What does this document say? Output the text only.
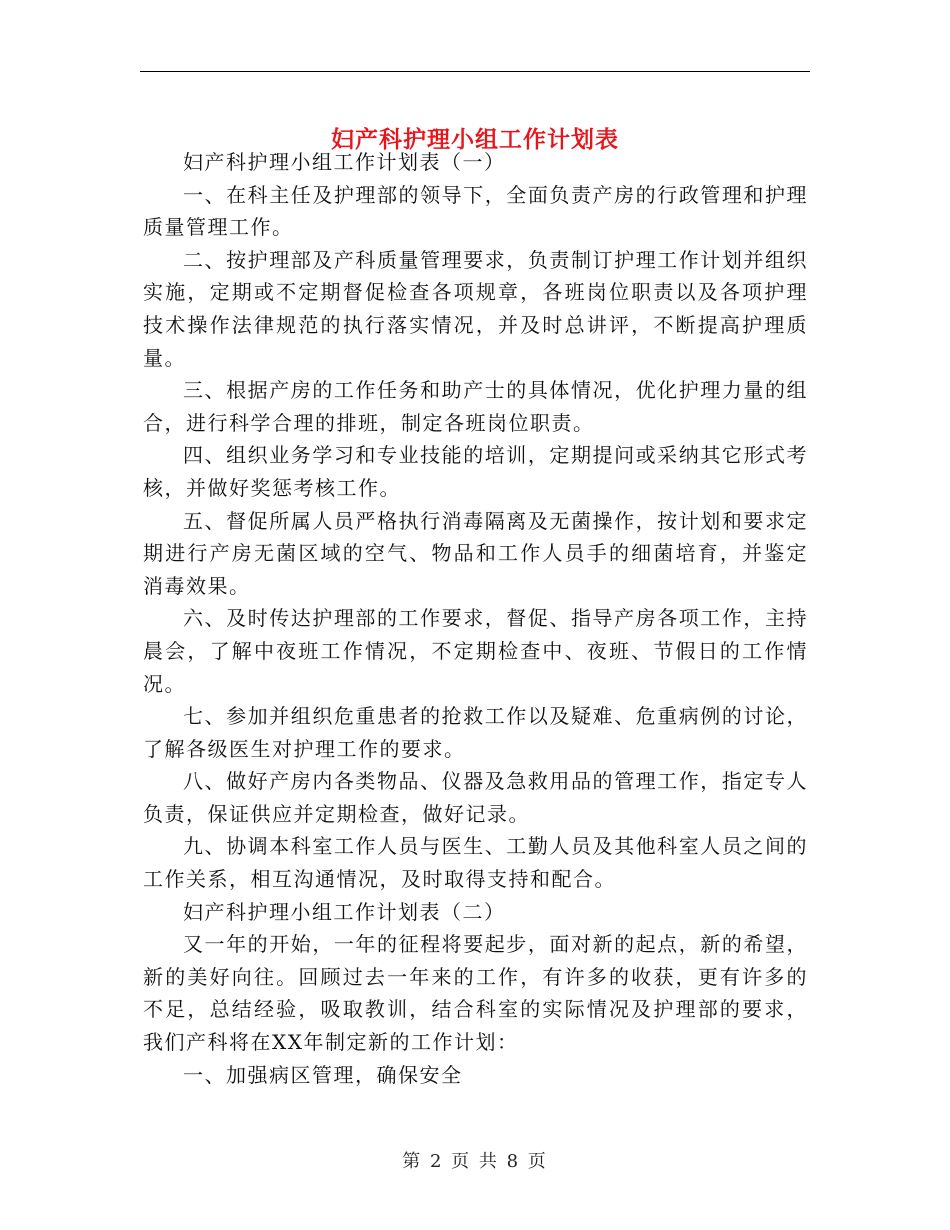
妇产科护理小组工作计划表

妇产科护理小组工作计划表（一）

一、在科主任及护理部的领导下，全面负责产房的行政管理和护理质量管理工作。

二、按护理部及产科质量管理要求，负责制订护理工作计划并组织实施，定期或不定期督促检查各项规章，各班岗位职责以及各项护理技术操作法律规范的执行落实情况，并及时总讲评，不断提高护理质量。

三、根据产房的工作任务和助产士的具体情况，优化护理力量的组合，进行科学合理的排班，制定各班岗位职责。

四、组织业务学习和专业技能的培训，定期提问或采纳其它形式考核，并做好奖惩考核工作。

五、督促所属人员严格执行消毒隔离及无菌操作，按计划和要求定期进行产房无菌区域的空气、物品和工作人员手的细菌培育，并鉴定消毒效果。

六、及时传达护理部的工作要求，督促、指导产房各项工作，主持晨会，了解中夜班工作情况，不定期检查中、夜班、节假日的工作情况。

七、参加并组织危重患者的抢救工作以及疑难、危重病例的讨论，了解各级医生对护理工作的要求。

八、做好产房内各类物品、仪器及急救用品的管理工作，指定专人负责，保证供应并定期检查，做好记录。

九、协调本科室工作人员与医生、工勤人员及其他科室人员之间的工作关系，相互沟通情况，及时取得支持和配合。

妇产科护理小组工作计划表（二）

又一年的开始，一年的征程将要起步，面对新的起点，新的希望，新的美好向往。回顾过去一年来的工作，有许多的收获，更有许多的不足，总结经验，吸取教训，结合科室的实际情况及护理部的要求，我们产科将在XX年制定新的工作计划：

一、加强病区管理，确保安全

第 2 页 共 8 页
